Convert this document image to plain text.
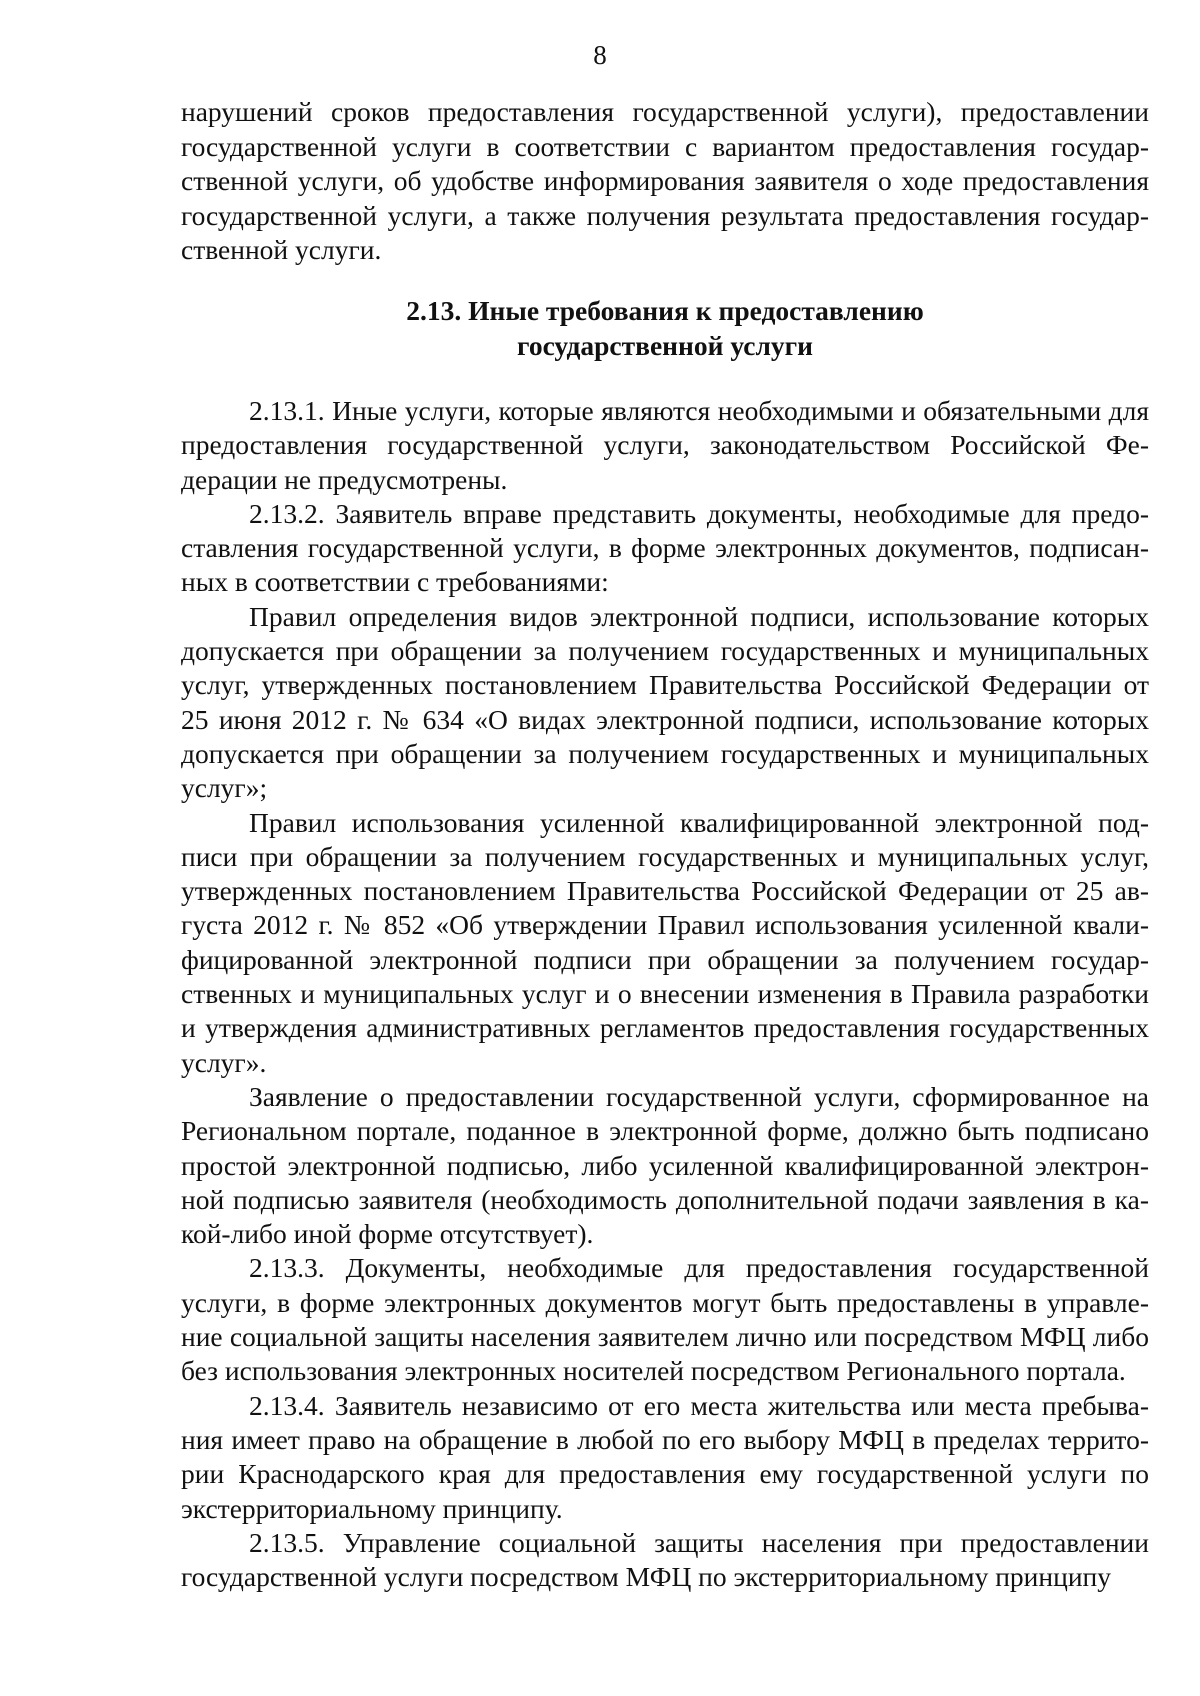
8

нарушений сроков предоставления государственной услуги), предоставлении государственной услуги в соответствии с вариантом предоставления государственной услуги, об удобстве информирования заявителя о ходе предоставления государственной услуги, а также получения результата предоставления государственной услуги.

2.13. Иные требования к предоставлению
государственной услуги

2.13.1. Иные услуги, которые являются необходимыми и обязательными для предоставления государственной услуги, законодательством Российской Федерации не предусмотрены.

2.13.2. Заявитель вправе представить документы, необходимые для предоставления государственной услуги, в форме электронных документов, подписанных в соответствии с требованиями:

Правил определения видов электронной подписи, использование которых допускается при обращении за получением государственных и муниципальных услуг, утвержденных постановлением Правительства Российской Федерации от 25 июня 2012 г. № 634 «О видах электронной подписи, использование которых допускается при обращении за получением государственных и муниципальных услуг»;

Правил использования усиленной квалифицированной электронной подписи при обращении за получением государственных и муниципальных услуг, утвержденных постановлением Правительства Российской Федерации от 25 августа 2012 г. № 852 «Об утверждении Правил использования усиленной квалифицированной электронной подписи при обращении за получением государственных и муниципальных услуг и о внесении изменения в Правила разработки и утверждения административных регламентов предоставления государственных услуг».

Заявление о предоставлении государственной услуги, сформированное на Региональном портале, поданное в электронной форме, должно быть подписано простой электронной подписью, либо усиленной квалифицированной электронной подписью заявителя (необходимость дополнительной подачи заявления в какой-либо иной форме отсутствует).

2.13.3. Документы, необходимые для предоставления государственной услуги, в форме электронных документов могут быть предоставлены в управление социальной защиты населения заявителем лично или посредством МФЦ либо без использования электронных носителей посредством Регионального портала.

2.13.4. Заявитель независимо от его места жительства или места пребывания имеет право на обращение в любой по его выбору МФЦ в пределах территории Краснодарского края для предоставления ему государственной услуги по экстерриториальному принципу.

2.13.5. Управление социальной защиты населения при предоставлении государственной услуги посредством МФЦ по экстерриториальному принципу
